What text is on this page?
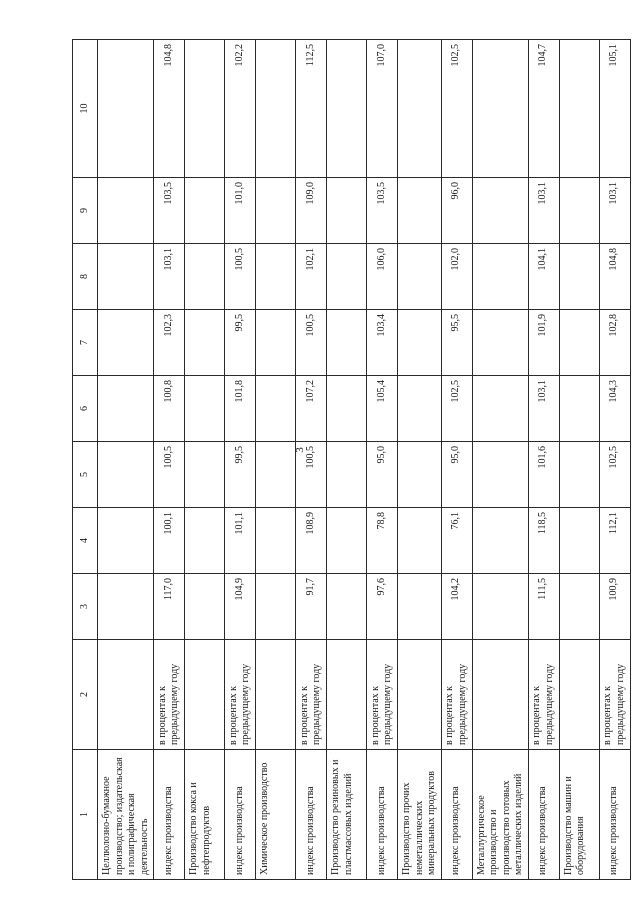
3
1	2	3	4	5	6	7	8	9	10
Целлюлозно-бумажное производство; издательская и полиграфическая деятельность									
индекс производства	в процентах к предыдущему году	117,0	100,1	100,5	100,8	102,3	103,1	103,5	104,8
Производство кокса и нефтепродуктов									
индекс производства	в процентах к предыдущему году	104,9	101,1	99,5	101,8	99,5	100,5	101,0	102,2
Химическое производство									
индекс производства	в процентах к предыдущему году	91,7	108,9	100,5	107,2	100,5	102,1	109,0	112,5
Производство резиновых и пластмассовых изделий									
индекс производства	в процентах к предыдущему году	97,6	78,8	95,0	105,4	103,4	106,0	103,5	107,0
Производство прочих неметаллических минеральных продуктов									
индекс производства	в процентах к предыдущему году	104,2	76,1	95,0	102,5	95,5	102,0	96,0	102,5
Металлургическое производство и производство готовых металлических изделий									
индекс производства	в процентах к предыдущему году	111,5	118,5	101,6	103,1	101,9	104,1	103,1	104,7
Производство машин и оборудования									
индекс производства	в процентах к предыдущему году	100,9	112,1	102,5	104,3	102,8	104,8	103,1	105,1
